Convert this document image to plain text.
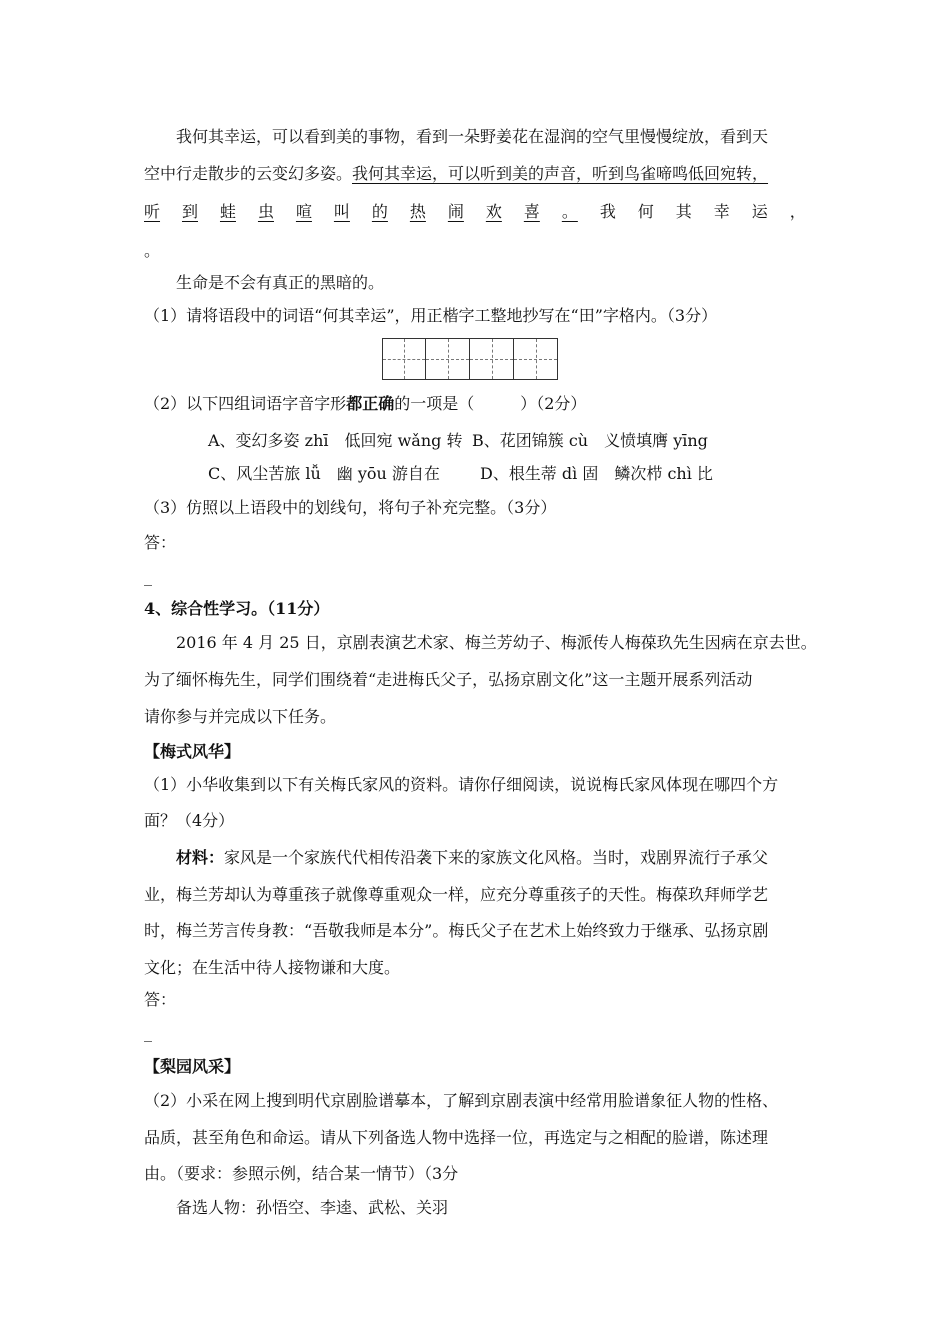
我何其幸运，可以看到美的事物，看到一朵野姜花在湿润的空气里慢慢绽放，看到天
空中行走散步的云变幻多姿。我何其幸运，可以听到美的声音，听到鸟雀啼鸣低回宛转，
听 到 蛙 虫 喧 叫 的 热 闹 欢 喜 。 我 何 其 幸 运 ，
。
生命是不会有真正的黑暗的。
（1）请将语段中的词语“何其幸运”，用正楷字工整地抄写在“田”字格内。（3分）
（2）以下四组词语字音字形都正确的一项是（	）（2分）
A、变幻多姿 zhī　低回宛 wǎng 转 B、花团锦簇 cù　义愤填膺 yīng
C、风尘苦旅 lǚ　幽 yōu 游自在	D、根生蒂 dì 固　鳞次栉 chì 比
（3）仿照以上语段中的划线句，将句子补充完整。（3分）
答：
_
4、综合性学习。（11分）
2016 年 4 月 25 日，京剧表演艺术家、梅兰芳幼子、梅派传人梅葆玖先生因病在京去世。
为了缅怀梅先生，同学们围绕着“走进梅氏父子，弘扬京剧文化”这一主题开展系列活动
请你参与并完成以下任务。
【梅式风华】
（1）小华收集到以下有关梅氏家风的资料。请你仔细阅读，说说梅氏家风体现在哪四个方
面？（4分）
材料：家风是一个家族代代相传沿袭下来的家族文化风格。当时，戏剧界流行子承父
业，梅兰芳却认为尊重孩子就像尊重观众一样，应充分尊重孩子的天性。梅葆玖拜师学艺
时，梅兰芳言传身教：“吾敬我师是本分”。梅氏父子在艺术上始终致力于继承、弘扬京剧
文化；在生活中待人接物谦和大度。
答：
_
【梨园风采】
（2）小采在网上搜到明代京剧脸谱摹本，了解到京剧表演中经常用脸谱象征人物的性格、
品质，甚至角色和命运。请从下列备选人物中选择一位，再选定与之相配的脸谱，陈述理
由。（要求：参照示例，结合某一情节）（3分
备选人物：孙悟空、李逵、武松、关羽
